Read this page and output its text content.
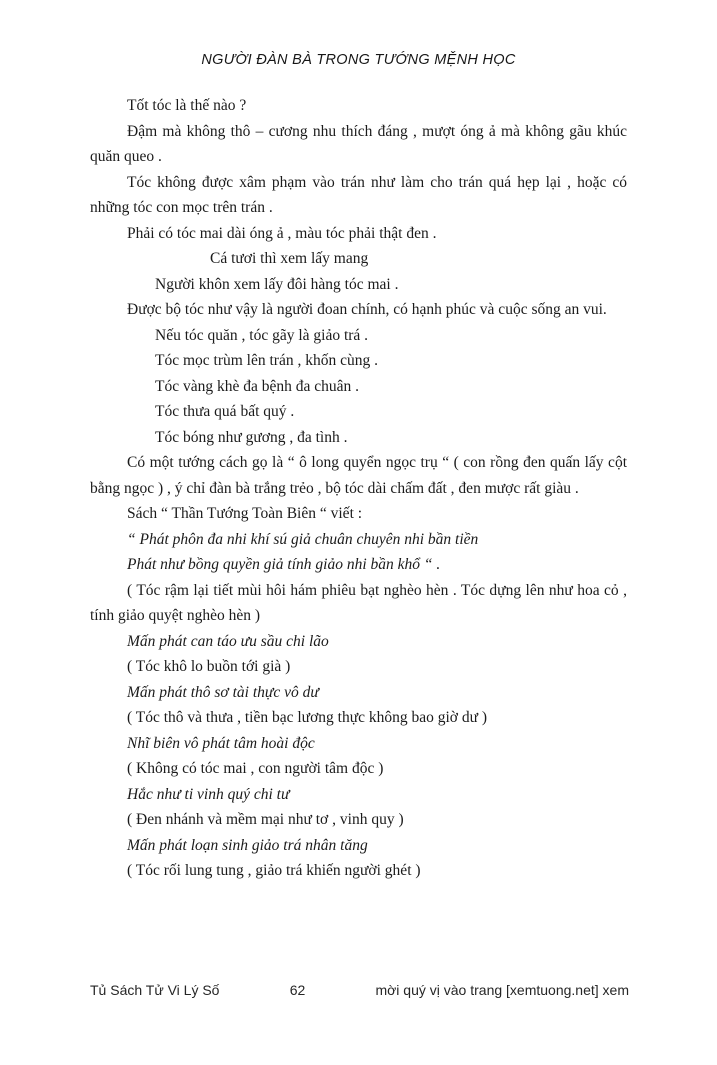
NGƯỜI ĐÀN BÀ TRONG TƯỚNG MỆNH HỌC

Tốt tóc là thế nào ?

Đậm mà không thô – cương nhu thích đáng , mượt óng ả mà không gãu khúc quăn queo .

Tóc không được xâm phạm vào trán như làm cho trán quá hẹp lại , hoặc có những tóc con mọc trên trán .

Phải có tóc mai dài óng ả , màu tóc phải thật đen .

Cá tươi thì xem lấy mang

Người khôn xem lấy đôi hàng tóc mai .

Được bộ tóc như vậy là người đoan chính, có hạnh phúc và cuộc sống an vui.

Nếu tóc quăn , tóc gãy là giảo trá .

Tóc mọc trùm lên trán , khốn cùng .

Tóc vàng khè đa bệnh đa chuân .

Tóc thưa quá bất quý .

Tóc bóng như gương , đa tình .

Có một tướng cách gọ là “ ô long quyển ngọc trụ “ ( con rồng đen quấn lấy cột bằng ngọc ) , ý chỉ đàn bà trắng trẻo , bộ tóc dài chấm đất , đen mược rất giàu .

Sách “ Thần Tướng Toàn Biên “ viết :

“ Phát phôn đa nhi khí sú giả chuân chuyên nhi bần tiền

Phát như bồng quyền giả tính giảo nhi bần khổ “ .

( Tóc rậm lại tiết mùi hôi hám phiêu bạt nghèo hèn . Tóc dựng lên như hoa cỏ , tính giảo quyệt nghèo hèn )

Mấn phát can táo ưu sầu chi lão

( Tóc khô lo buồn tới già )

Mấn phát thô sơ tài thực vô dư

( Tóc thô và thưa , tiền bạc lương thực không bao giờ dư )

Nhĩ biên vô phát tâm hoài độc

( Không có tóc mai , con người tâm độc )

Hắc như ti vinh quý chi tư

( Đen nhánh và mềm mại như tơ , vinh quy )

Mấn phát loạn sinh giảo trá nhân tăng

( Tóc rối lung tung , giảo trá khiến người ghét )

Tủ Sách Tử Vi Lý Số	62	mời quý vị vào trang [xemtuong.net] xem
